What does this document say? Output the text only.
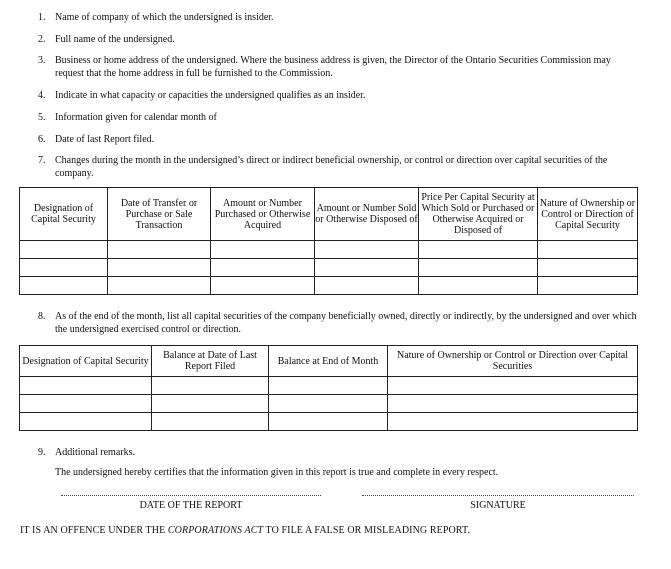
1. Name of company of which the undersigned is insider.
2. Full name of the undersigned.
3. Business or home address of the undersigned. Where the business address is given, the Director of the Ontario Securities Commission may request that the home address in full be furnished to the Commission.
4. Indicate in what capacity or capacities the undersigned qualifies as an insider.
5. Information given for calendar month of
6. Date of last Report filed.
7. Changes during the month in the undersigned’s direct or indirect beneficial ownership, or control or direction over capital securities of the company.
Designation of Capital Security	Date of Transfer or Purchase or Sale Transaction	Amount or Number Purchased or Otherwise Acquired	Amount or Number Sold or Otherwise Disposed of	Price Per Capital Security at Which Sold or Purchased or Otherwise Acquired or Disposed of	Nature of Ownership or Control or Direction of Capital Security

8. As of the end of the month, list all capital securities of the company beneficially owned, directly or indirectly, by the undersigned and over which the undersigned exercised control or direction.
Designation of Capital Security	Balance at Date of Last Report Filed	Balance at End of Month	Nature of Ownership or Control or Direction over Capital Securities

9. Additional remarks.
The undersigned hereby certifies that the information given in this report is true and complete in every respect.
DATE OF THE REPORT	SIGNATURE
IT IS AN OFFENCE UNDER THE CORPORATIONS ACT TO FILE A FALSE OR MISLEADING REPORT.
